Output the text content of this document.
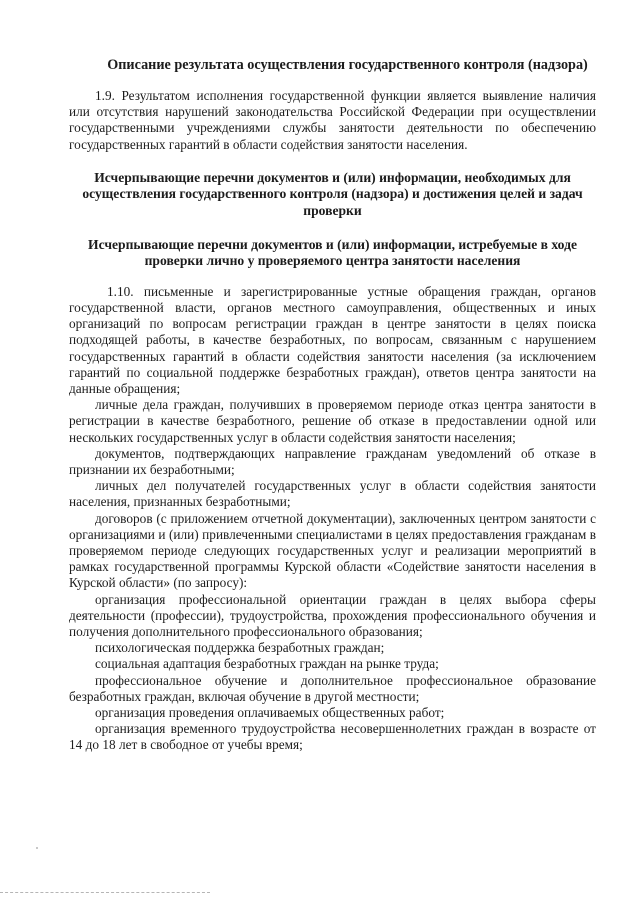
Описание результата осуществления государственного контроля (надзора)

1.9. Результатом исполнения государственной функции является выявление наличия или отсутствия нарушений законодательства Российской Федерации при осуществлении государственными учреждениями службы занятости деятельности по обеспечению государственных гарантий в области содействия занятости населения.

Исчерпывающие перечни документов и (или) информации, необходимых для осуществления государственного контроля (надзора) и достижения целей и задач проверки

Исчерпывающие перечни документов и (или) информации, истребуемые в ходе проверки лично у проверяемого центра занятости населения

1.10. письменные и зарегистрированные устные обращения граждан, органов государственной власти, органов местного самоуправления, общественных и иных организаций по вопросам регистрации граждан в центре занятости в целях поиска подходящей работы, в качестве безработных, по вопросам, связанным с нарушением государственных гарантий в области содействия занятости населения (за исключением гарантий по социальной поддержке безработных граждан), ответов центра занятости на данные обращения;

личные дела граждан, получивших в проверяемом периоде отказ центра занятости в регистрации в качестве безработного, решение об отказе в предоставлении одной или нескольких государственных услуг в области содействия занятости населения;

документов, подтверждающих направление гражданам уведомлений об отказе в признании их безработными;

личных дел получателей государственных услуг в области содействия занятости населения, признанных безработными;

договоров (с приложением отчетной документации), заключенных центром занятости с организациями и (или) привлеченными специалистами в целях предоставления гражданам в проверяемом периоде следующих государственных услуг и реализации мероприятий в рамках государственной программы Курской области «Содействие занятости населения в Курской области» (по запросу):

организация профессиональной ориентации граждан в целях выбора сферы деятельности (профессии), трудоустройства, прохождения профессионального обучения и получения дополнительного профессионального образования;

психологическая поддержка безработных граждан;

социальная адаптация безработных граждан на рынке труда;

профессиональное обучение и дополнительное профессиональное образование безработных граждан, включая обучение в другой местности;

организация проведения оплачиваемых общественных работ;

организация временного трудоустройства несовершеннолетних граждан в возрасте от 14 до 18 лет в свободное от учебы время;
